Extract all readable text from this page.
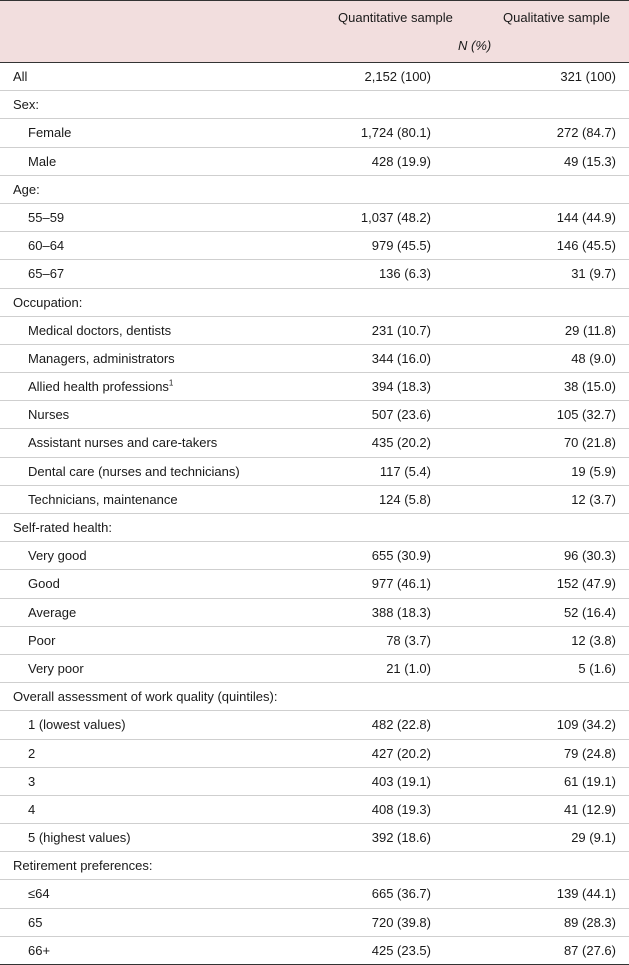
Quantitative sample	Qualitative sample
N (%)
All	2,152 (100)	321 (100)
Sex:
Female	1,724 (80.1)	272 (84.7)
Male	428 (19.9)	49 (15.3)
Age:
55–59	1,037 (48.2)	144 (44.9)
60–64	979 (45.5)	146 (45.5)
65–67	136 (6.3)	31 (9.7)
Occupation:
Medical doctors, dentists	231 (10.7)	29 (11.8)
Managers, administrators	344 (16.0)	48 (9.0)
Allied health professions$^1$	394 (18.3)	38 (15.0)
Nurses	507 (23.6)	105 (32.7)
Assistant nurses and care-takers	435 (20.2)	70 (21.8)
Dental care (nurses and technicians)	117 (5.4)	19 (5.9)
Technicians, maintenance	124 (5.8)	12 (3.7)
Self-rated health:
Very good	655 (30.9)	96 (30.3)
Good	977 (46.1)	152 (47.9)
Average	388 (18.3)	52 (16.4)
Poor	78 (3.7)	12 (3.8)
Very poor	21 (1.0)	5 (1.6)
Overall assessment of work quality (quintiles):
1 (lowest values)	482 (22.8)	109 (34.2)
2	427 (20.2)	79 (24.8)
3	403 (19.1)	61 (19.1)
4	408 (19.3)	41 (12.9)
5 (highest values)	392 (18.6)	29 (9.1)
Retirement preferences:
≤64	665 (36.7)	139 (44.1)
65	720 (39.8)	89 (28.3)
66+	425 (23.5)	87 (27.6)
